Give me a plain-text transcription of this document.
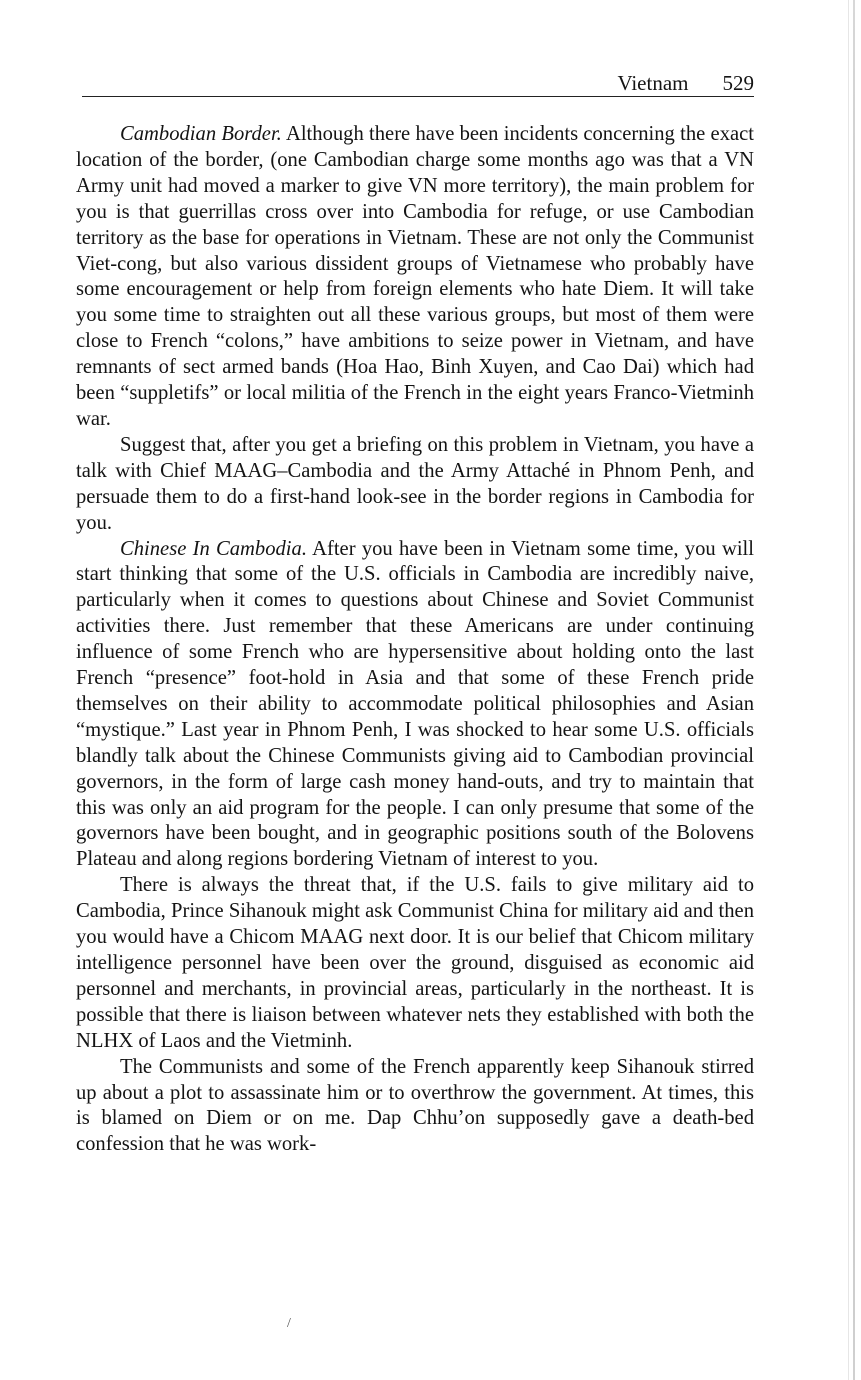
Vietnam 529

Cambodian Border. Although there have been incidents concerning the exact location of the border, (one Cambodian charge some months ago was that a VN Army unit had moved a marker to give VN more territory), the main problem for you is that guerrillas cross over into Cambodia for refuge, or use Cambodian territory as the base for operations in Vietnam. These are not only the Communist Viet-cong, but also various dissident groups of Vietnamese who probably have some encouragement or help from foreign elements who hate Diem. It will take you some time to straighten out all these various groups, but most of them were close to French “colons,” have ambitions to seize power in Vietnam, and have remnants of sect armed bands (Hoa Hao, Binh Xuyen, and Cao Dai) which had been “suppletifs” or local militia of the French in the eight years Franco-Vietminh war.

Suggest that, after you get a briefing on this problem in Vietnam, you have a talk with Chief MAAG–Cambodia and the Army Attaché in Phnom Penh, and persuade them to do a first-hand look-see in the border regions in Cambodia for you.

Chinese In Cambodia. After you have been in Vietnam some time, you will start thinking that some of the U.S. officials in Cambodia are incredibly naive, particularly when it comes to questions about Chinese and Soviet Communist activities there. Just remember that these Americans are under continuing influence of some French who are hypersensitive about holding onto the last French “presence” foot-hold in Asia and that some of these French pride themselves on their ability to accommodate political philosophies and Asian “mystique.” Last year in Phnom Penh, I was shocked to hear some U.S. officials blandly talk about the Chinese Communists giving aid to Cambodian provincial governors, in the form of large cash money hand-outs, and try to maintain that this was only an aid program for the people. I can only presume that some of the governors have been bought, and in geographic positions south of the Bolovens Plateau and along regions bordering Vietnam of interest to you.

There is always the threat that, if the U.S. fails to give military aid to Cambodia, Prince Sihanouk might ask Communist China for military aid and then you would have a Chicom MAAG next door. It is our belief that Chicom military intelligence personnel have been over the ground, disguised as economic aid personnel and merchants, in provincial areas, particularly in the northeast. It is possible that there is liaison between whatever nets they established with both the NLHX of Laos and the Vietminh.

The Communists and some of the French apparently keep Sihanouk stirred up about a plot to assassinate him or to overthrow the government. At times, this is blamed on Diem or on me. Dap Chhu’on supposedly gave a death-bed confession that he was work-

/
